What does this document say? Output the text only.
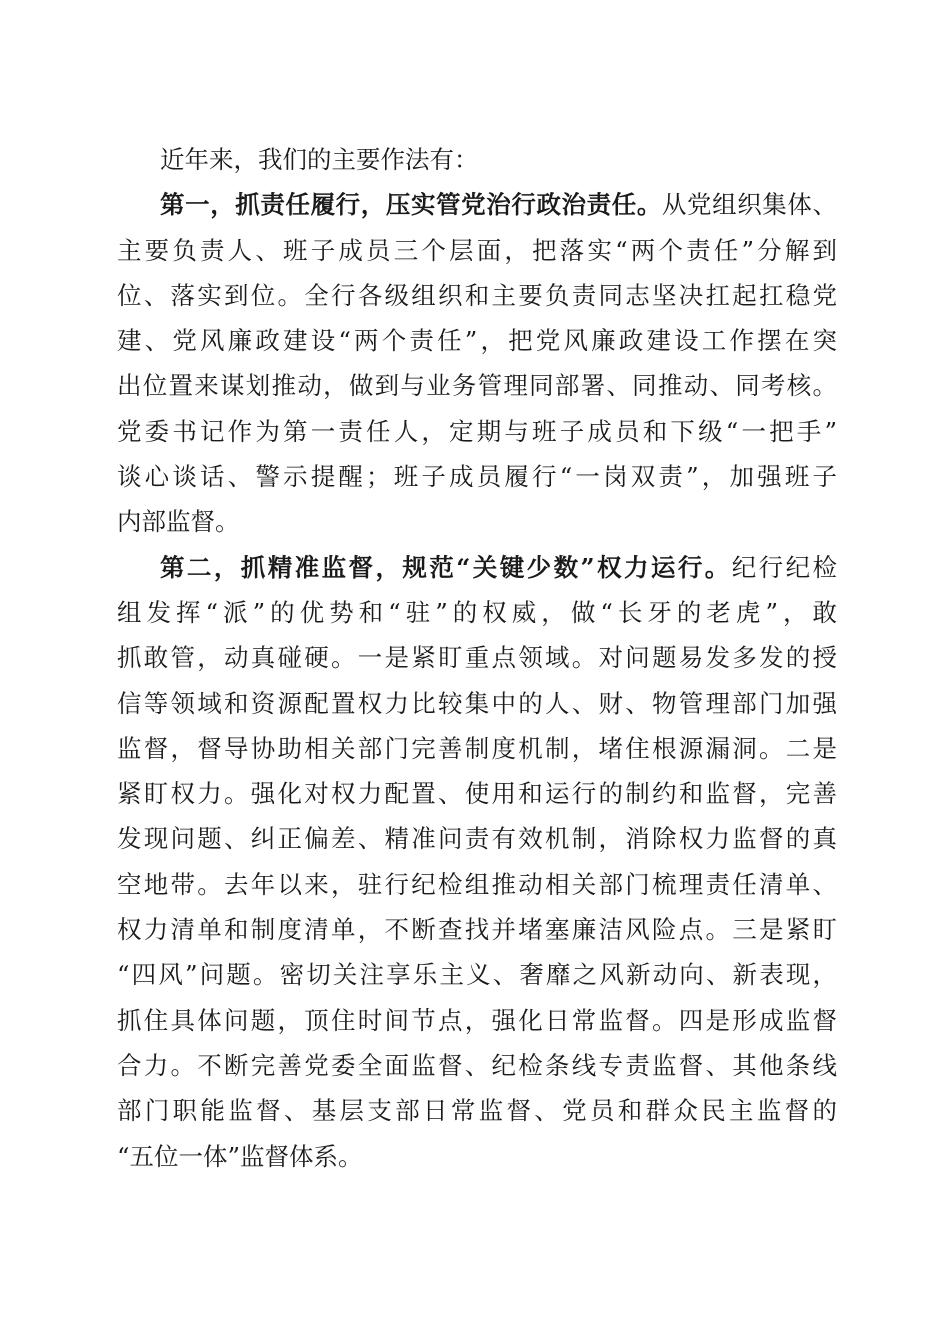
近年来，我们的主要作法有：
第一，抓责任履行，压实管党治行政治责任。从党组织集体、
主要负责人、班子成员三个层面，把落实“两个责任”分解到
位、落实到位。全行各级组织和主要负责同志坚决扛起扛稳党
建、党风廉政建设“两个责任”，把党风廉政建设工作摆在突
出位置来谋划推动，做到与业务管理同部署、同推动、同考核。
党委书记作为第一责任人，定期与班子成员和下级“一把手”
谈心谈话、警示提醒；班子成员履行“一岗双责”，加强班子
内部监督。
第二，抓精准监督，规范“关键少数”权力运行。纪行纪检
组发挥“派”的优势和“驻”的权威，做“长牙的老虎”，敢
抓敢管，动真碰硬。一是紧盯重点领域。对问题易发多发的授
信等领域和资源配置权力比较集中的人、财、物管理部门加强
监督，督导协助相关部门完善制度机制，堵住根源漏洞。二是
紧盯权力。强化对权力配置、使用和运行的制约和监督，完善
发现问题、纠正偏差、精准问责有效机制，消除权力监督的真
空地带。去年以来，驻行纪检组推动相关部门梳理责任清单、
权力清单和制度清单，不断查找并堵塞廉洁风险点。三是紧盯
“四风”问题。密切关注享乐主义、奢靡之风新动向、新表现，
抓住具体问题，顶住时间节点，强化日常监督。四是形成监督
合力。不断完善党委全面监督、纪检条线专责监督、其他条线
部门职能监督、基层支部日常监督、党员和群众民主监督的
“五位一体”监督体系。
